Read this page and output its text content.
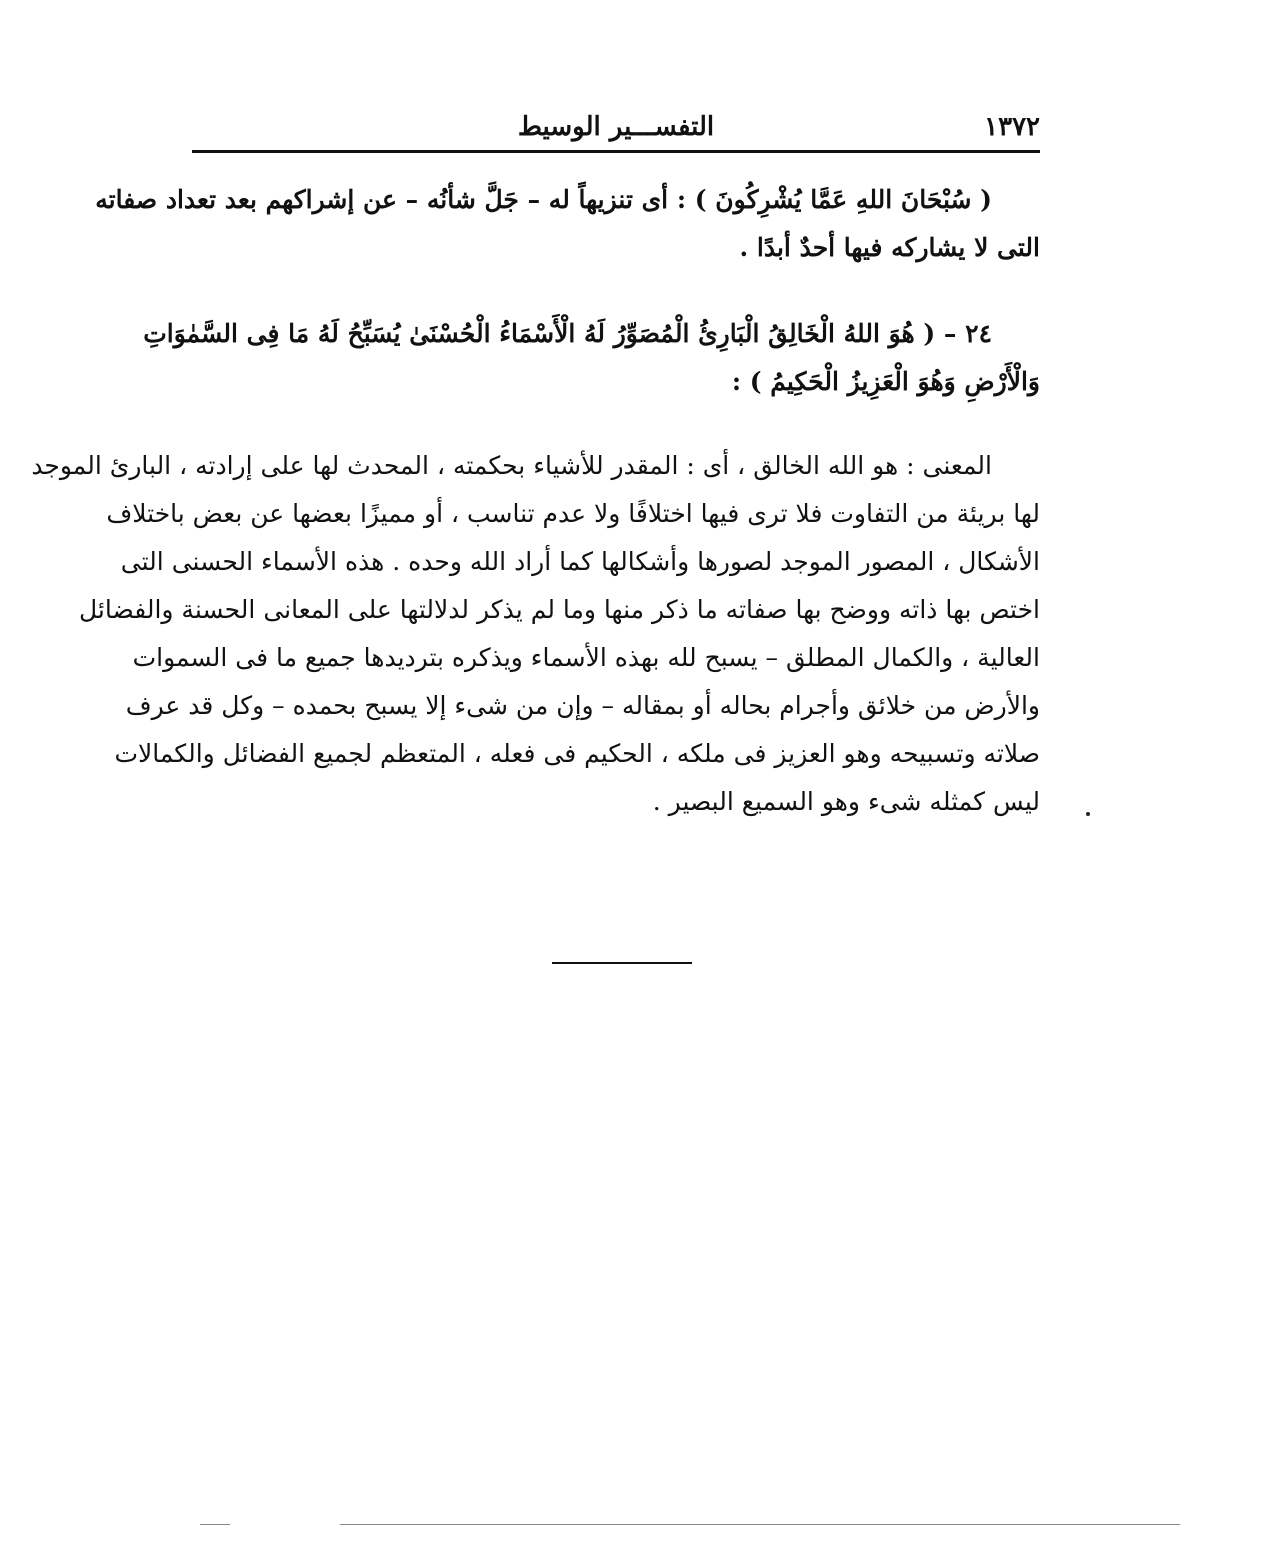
١٣٧٢
التفســـير الوسيط
( سُبْحَانَ اللهِ عَمَّا يُشْرِكُونَ ) : أى تنزيهاً له – جَلَّ شأنُه – عن إشراكهم بعد تعداد صفاته
التى لا يشاركه فيها أحدٌ أبدًا .
٢٤ – ( هُوَ اللهُ الْخَالِقُ الْبَارِئُ الْمُصَوِّرُ لَهُ الْأَسْمَاءُ الْحُسْنَىٰ يُسَبِّحُ لَهُ مَا فِى السَّمٰوَاتِ
وَالْأَرْضِ وَهُوَ الْعَزِيزُ الْحَكِيمُ ) :
المعنى : هو الله الخالق ، أى : المقدر للأشياء بحكمته ، المحدث لها على إرادته ، البارئ الموجد
لها بريئة من التفاوت فلا ترى فيها اختلافًا ولا عدم تناسب ، أو مميزًا بعضها عن بعض باختلاف
الأشكال ، المصور الموجد لصورها وأشكالها كما أراد الله وحده . هذه الأسماء الحسنى التى
اختص بها ذاته ووضح بها صفاته ما ذكر منها وما لم يذكر لدلالتها على المعانى الحسنة والفضائل
العالية ، والكمال المطلق – يسبح لله بهذه الأسماء ويذكره بترديدها جميع ما فى السموات
والأرض من خلائق وأجرام بحاله أو بمقاله – وإن من شىء إلا يسبح بحمده – وكل قد عرف
صلاته وتسبيحه وهو العزيز فى ملكه ، الحكيم فى فعله ، المتعظم لجميع الفضائل والكمالات
ليس كمثله شىء وهو السميع البصير .
